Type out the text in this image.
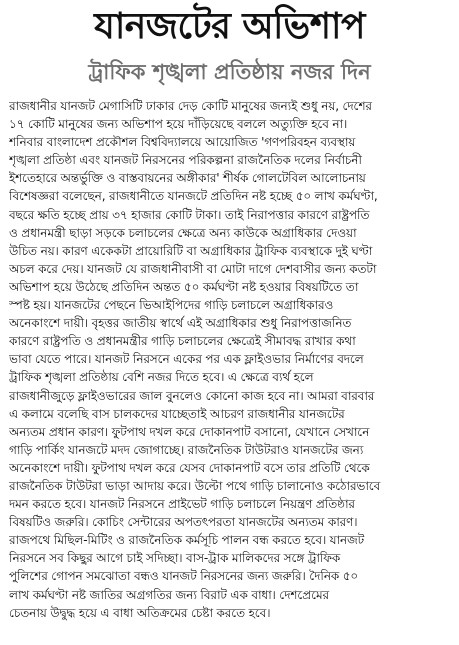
যানজটের অভিশাপ
ট্রাফিক শৃঙ্খলা প্রতিষ্ঠায় নজর দিন
রাজধানীর যানজট মেগাসিটি ঢাকার দেড় কোটি মানুষের জন্যই শুধু নয়, দেশের
১৭ কোটি মানুষের জন্য অভিশাপ হয়ে দাঁড়িয়েছে বললে অত্যুক্তি হবে না।
শনিবার বাংলাদেশ প্রকৌশল বিশ্ববিদ্যালয়ে আয়োজিত 'গণপরিবহন ব্যবস্থায়
শৃঙ্খলা প্রতিষ্ঠা এবং যানজট নিরসনের পরিকল্পনা রাজনৈতিক দলের নির্বাচনী
ইশতেহারে অন্তর্ভুক্তি ও বাস্তবায়নের অঙ্গীকার' শীর্ষক গোলটেবিল আলোচনায়
বিশেষজ্ঞরা বলেছেন, রাজধানীতে যানজটে প্রতিদিন নষ্ট হচ্ছে ৫০ লাখ কর্মঘণ্টা,
বছরে ক্ষতি হচ্ছে প্রায় ৩৭ হাজার কোটি টাকা। তাই নিরাপত্তার কারণে রাষ্ট্রপতি
ও প্রধানমন্ত্রী ছাড়া সড়কে চলাচলের ক্ষেত্রে অন্য কাউকে অগ্রাধিকার দেওয়া
উচিত নয়। কারণ একেকটা প্রায়োরিটি বা অগ্রাধিকার ট্রাফিক ব্যবস্থাকে দুই ঘণ্টা
অচল করে দেয়। যানজট যে রাজধানীবাসী বা মোটা দাগে দেশবাসীর জন্য কতটা
অভিশাপ হয়ে উঠেছে প্রতিদিন অন্তত ৫০ কর্মঘণ্টা নষ্ট হওয়ার বিষয়টিতে তা
স্পষ্ট হয়। যানজটের পেছনে ভিআইপিদের গাড়ি চলাচলে অগ্রাধিকারও
অনেকাংশে দায়ী। বৃহত্তর জাতীয় স্বার্থে এই অগ্রাধিকার শুধু নিরাপত্তাজনিত
কারণে রাষ্ট্রপতি ও প্রধানমন্ত্রীর গাড়ি চলাচলের ক্ষেত্রেই সীমাবদ্ধ রাখার কথা
ভাবা যেতে পারে। যানজট নিরসনে একের পর এক ফ্লাইওভার নির্মাণের বদলে
ট্রাফিক শৃঙ্খলা প্রতিষ্ঠায় বেশি নজর দিতে হবে। এ ক্ষেত্রে ব্যর্থ হলে
রাজধানীজুড়ে ফ্লাইওভারের জাল বুনলেও কোনো কাজ হবে না। আমরা বারবার
এ কলামে বলেছি বাস চালকদের যাচ্ছেতাই আচরণ রাজধানীর যানজটের
অন্যতম প্রধান কারণ। ফুটপাথ দখল করে দোকানপাট বসানো, যেখানে সেখানে
গাড়ি পার্কিং যানজটে মদদ জোগাচ্ছে। রাজনৈতিক টাউটরাও যানজটের জন্য
অনেকাংশে দায়ী। ফুটপাথ দখল করে যেসব দোকানপাট বসে তার প্রতিটি থেকে
রাজনৈতিক টাউটরা ভাড়া আদায় করে। উল্টো পথে গাড়ি চালানোও কঠোরভাবে
দমন করতে হবে। যানজট নিরসনে প্রাইভেট গাড়ি চলাচলে নিয়ন্ত্রণ প্রতিষ্ঠার
বিষয়টিও জরুরি। কোচিং সেন্টারের অপতৎপরতা যানজটের অন্যতম কারণ।
রাজপথে মিছিল-মিটিং ও রাজনৈতিক কর্মসূচি পালন বন্ধ করতে হবে। যানজট
নিরসনে সব কিছুর আগে চাই সদিচ্ছা। বাস-ট্রাক মালিকদের সঙ্গে ট্রাফিক
পুলিশের গোপন সমঝোতা বন্ধও যানজট নিরসনের জন্য জরুরি। দৈনিক ৫০
লাখ কর্মঘণ্টা নষ্ট জাতির অগ্রগতির জন্য বিরাট এক বাধা। দেশপ্রেমের
চেতনায় উদ্বুদ্ধ হয়ে এ বাধা অতিক্রমের চেষ্টা করতে হবে।
